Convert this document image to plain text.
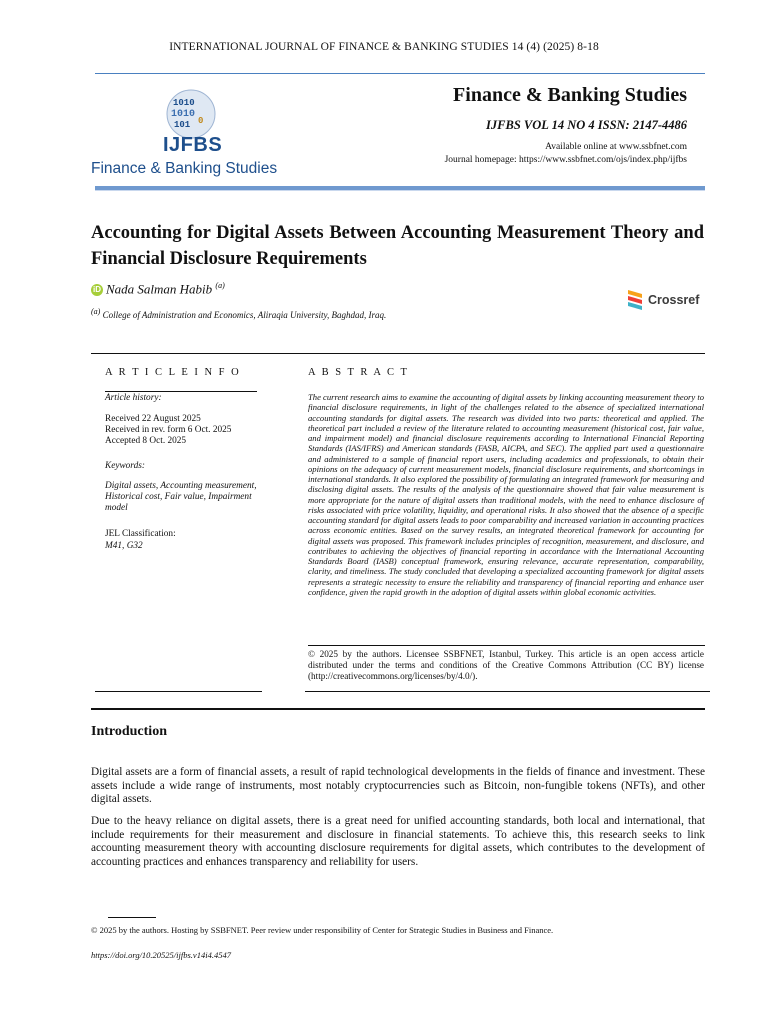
INTERNATIONAL JOURNAL OF FINANCE & BANKING STUDIES 14 (4) (2025) 8-18
1010
1010
101 0
IJFBS
Finance & Banking Studies
Finance & Banking Studies
IJFBS VOL 14 NO 4 ISSN: 2147-4486
Available online at www.ssbfnet.com
Journal homepage: https://www.ssbfnet.com/ojs/index.php/ijfbs
Accounting for Digital Assets Between Accounting Measurement Theory and Financial Disclosure Requirements
iD Nada Salman Habib $^{(a)}$
(a) College of Administration and Economics, Aliraqia University, Baghdad, Iraq.
Crossref
A R T I C L E I N F O	A B S T R A C T
Article history:
Received 22 August 2025
Received in rev. form 6 Oct. 2025
Accepted 8 Oct. 2025
Keywords:
Digital assets, Accounting measurement, Historical cost, Fair value, Impairment model
JEL Classification:
M41, G32
The current research aims to examine the accounting of digital assets by linking accounting measurement theory to financial disclosure requirements, in light of the challenges related to the absence of specialized international accounting standards for digital assets. The research was divided into two parts: theoretical and applied. The theoretical part included a review of the literature related to accounting measurement (historical cost, fair value, and impairment model) and financial disclosure requirements according to International Financial Reporting Standards (IAS/IFRS) and American standards (FASB, AICPA, and SEC). The applied part used a questionnaire and administered to a sample of financial report users, including academics and professionals, to obtain their opinions on the adequacy of current measurement models, financial disclosure requirements, and shortcomings in international standards. It also explored the possibility of formulating an integrated framework for measuring and disclosing digital assets. The results of the analysis of the questionnaire showed that fair value measurement is more appropriate for the nature of digital assets than traditional models, with the need to enhance disclosure of risks associated with price volatility, liquidity, and operational risks. It also showed that the absence of a specific accounting standard for digital assets leads to poor comparability and increased variation in accounting practices across economic entities. Based on the survey results, an integrated theoretical framework for accounting for digital assets was proposed. This framework includes principles of recognition, measurement, and disclosure, and contributes to achieving the objectives of financial reporting in accordance with the International Accounting Standards Board (IASB) conceptual framework, ensuring relevance, accurate representation, comparability, clarity, and timeliness. The study concluded that developing a specialized accounting framework for digital assets represents a strategic necessity to ensure the reliability and transparency of financial reporting and enhance user confidence, given the rapid growth in the adoption of digital assets within global economic activities.
© 2025 by the authors. Licensee SSBFNET, Istanbul, Turkey. This article is an open access article distributed under the terms and conditions of the Creative Commons Attribution (CC BY) license (http://creativecommons.org/licenses/by/4.0/).
Introduction
Digital assets are a form of financial assets, a result of rapid technological developments in the fields of finance and investment. These assets include a wide range of instruments, most notably cryptocurrencies such as Bitcoin, non-fungible tokens (NFTs), and other digital assets.
Due to the heavy reliance on digital assets, there is a great need for unified accounting standards, both local and international, that include requirements for their measurement and disclosure in financial statements. To achieve this, this research seeks to link accounting measurement theory with accounting disclosure requirements for digital assets, which contributes to the development of accounting practices and enhances transparency and reliability for users.
© 2025 by the authors. Hosting by SSBFNET. Peer review under responsibility of Center for Strategic Studies in Business and Finance.
https://doi.org/10.20525/ijfbs.v14i4.4547
